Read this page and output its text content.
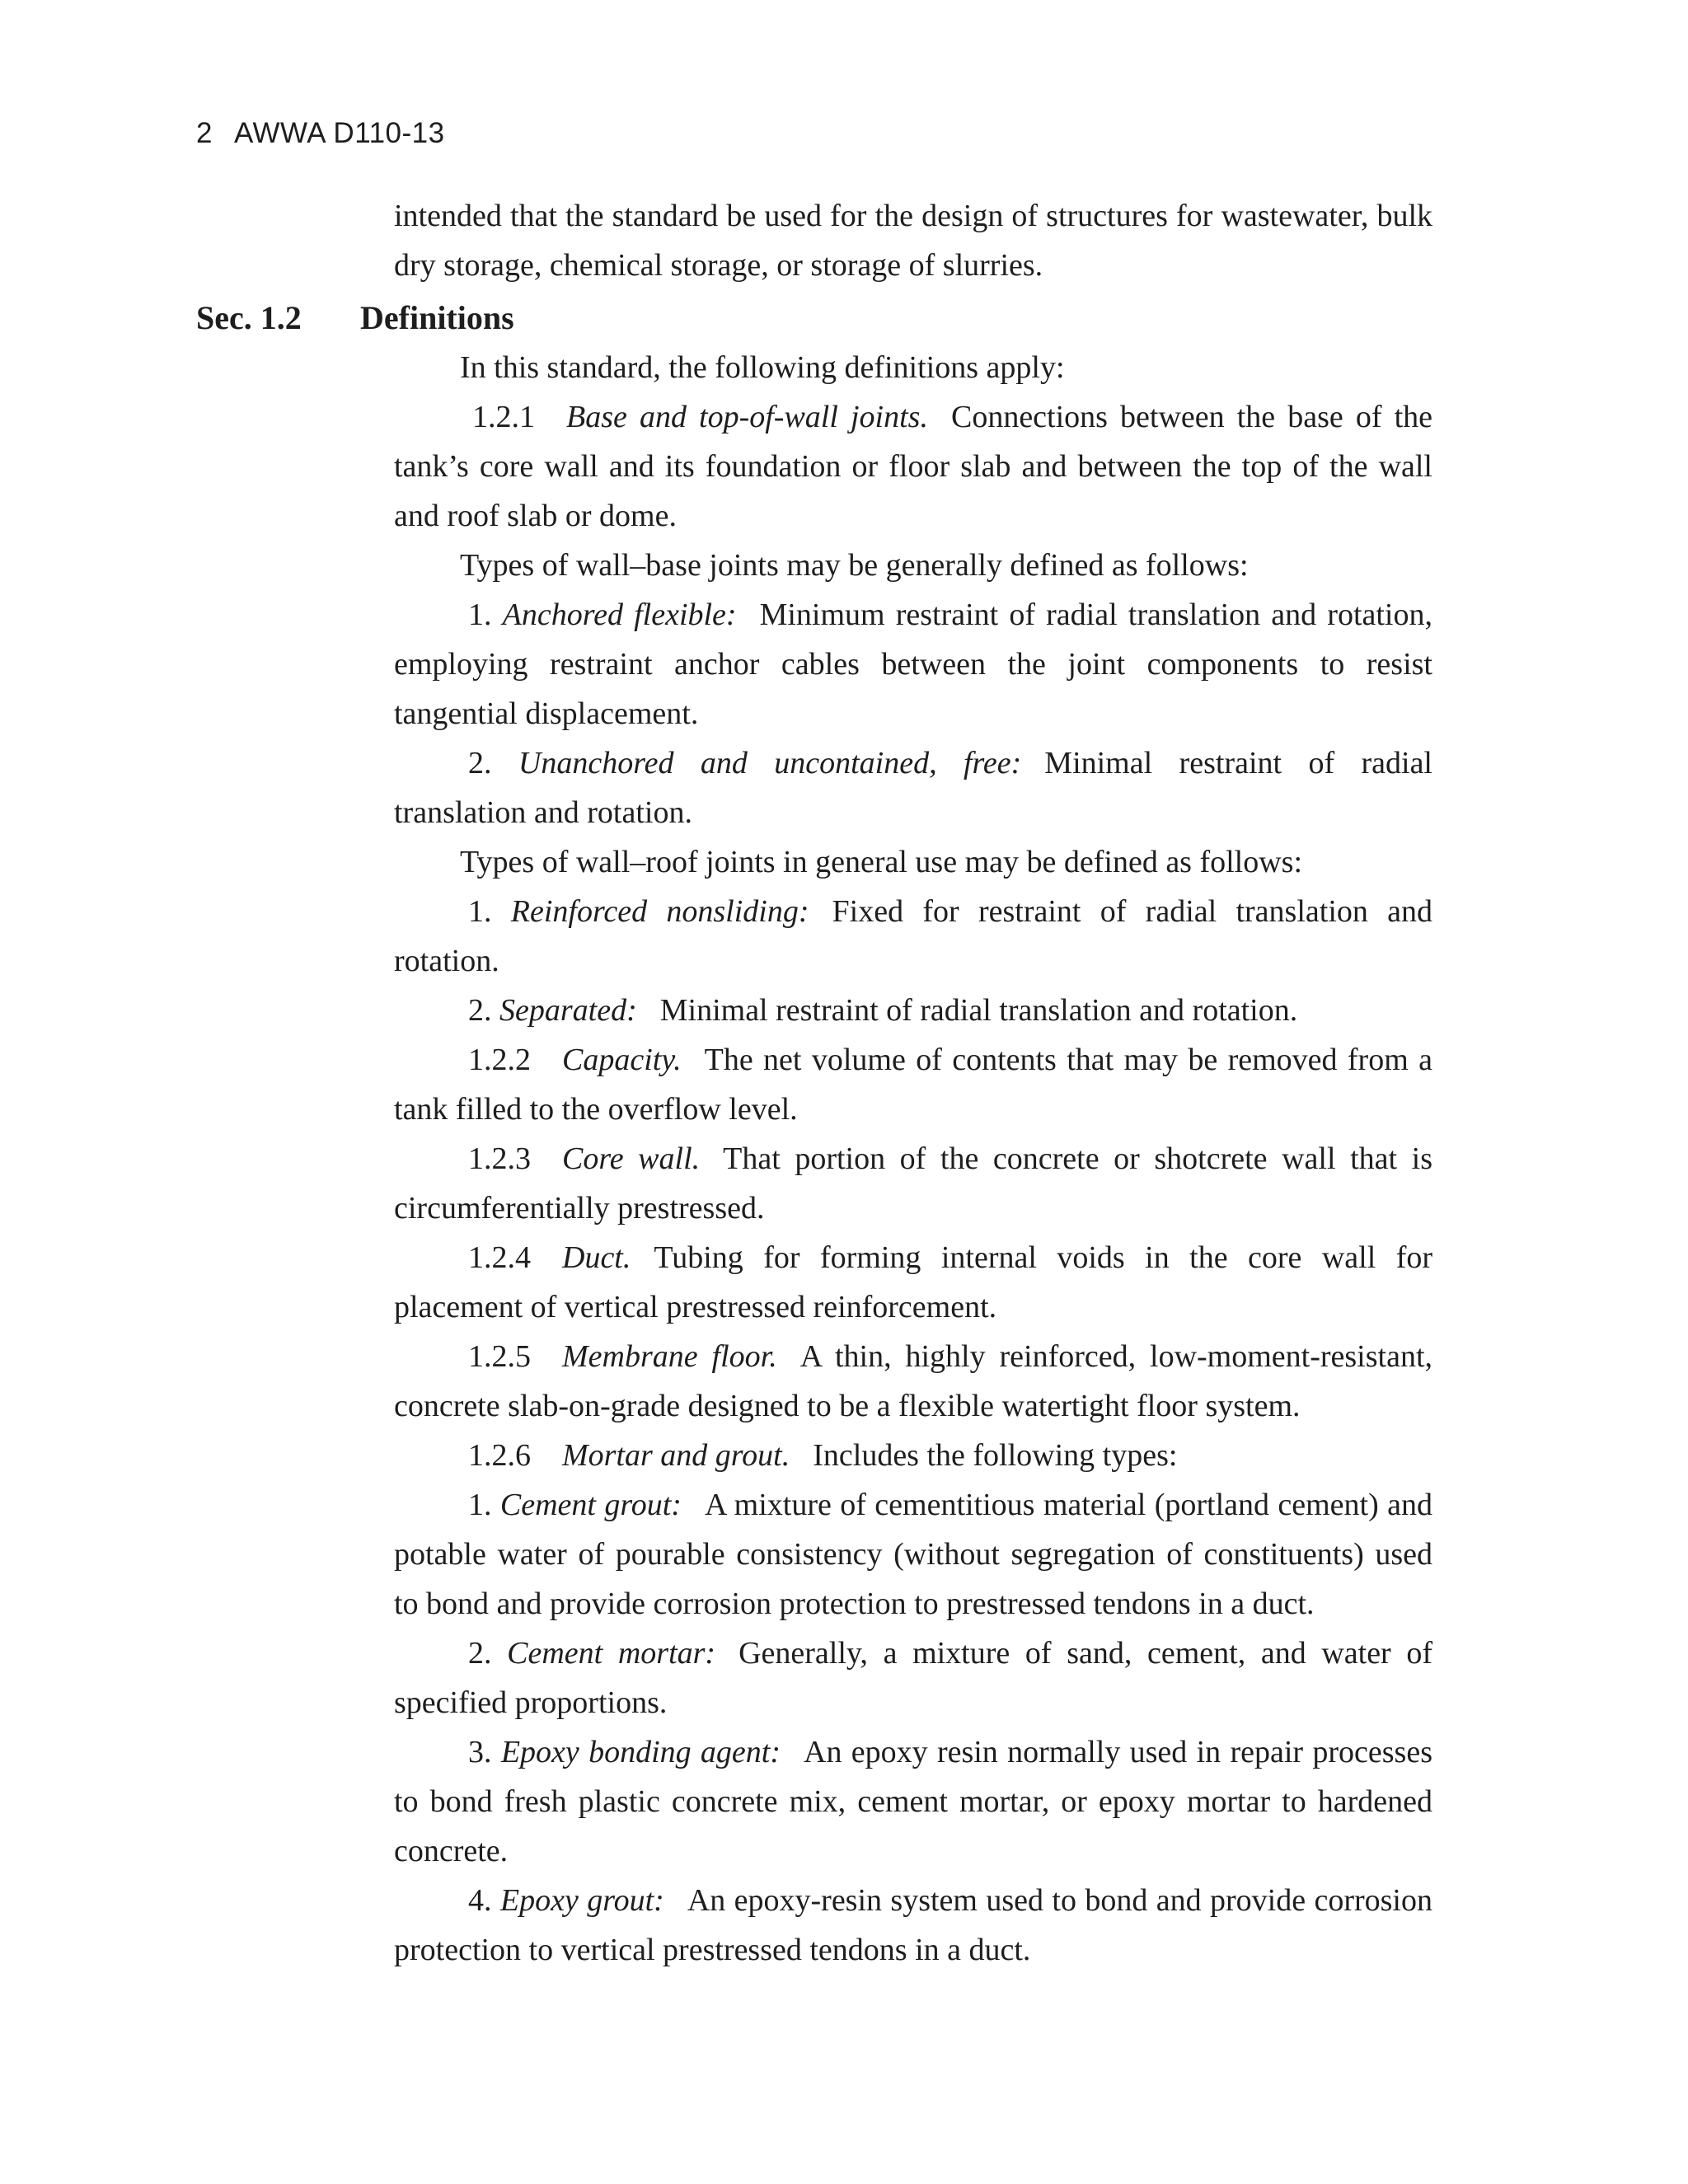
2 AWWA D110-13

intended that the standard be used for the design of structures for wastewater, bulk dry storage, chemical storage, or storage of slurries.

Sec. 1.2 Definitions

In this standard, the following definitions apply:

1.2.1 Base and top-of-wall joints. Connections between the base of the tank’s core wall and its foundation or floor slab and between the top of the wall and roof slab or dome.

Types of wall–base joints may be generally defined as follows:

1. Anchored flexible: Minimum restraint of radial translation and rotation, employing restraint anchor cables between the joint components to resist tangential displacement.

2. Unanchored and uncontained, free: Minimal restraint of radial translation and rotation.

Types of wall–roof joints in general use may be defined as follows:

1. Reinforced nonsliding: Fixed for restraint of radial translation and rotation.

2. Separated: Minimal restraint of radial translation and rotation.

1.2.2 Capacity. The net volume of contents that may be removed from a tank filled to the overflow level.

1.2.3 Core wall. That portion of the concrete or shotcrete wall that is circumferentially prestressed.

1.2.4 Duct. Tubing for forming internal voids in the core wall for placement of vertical prestressed reinforcement.

1.2.5 Membrane floor. A thin, highly reinforced, low-moment-resistant, concrete slab-on-grade designed to be a flexible watertight floor system.

1.2.6 Mortar and grout. Includes the following types:

1. Cement grout: A mixture of cementitious material (portland cement) and potable water of pourable consistency (without segregation of constituents) used to bond and provide corrosion protection to prestressed tendons in a duct.

2. Cement mortar: Generally, a mixture of sand, cement, and water of specified proportions.

3. Epoxy bonding agent: An epoxy resin normally used in repair processes to bond fresh plastic concrete mix, cement mortar, or epoxy mortar to hardened concrete.

4. Epoxy grout: An epoxy-resin system used to bond and provide corrosion protection to vertical prestressed tendons in a duct.
